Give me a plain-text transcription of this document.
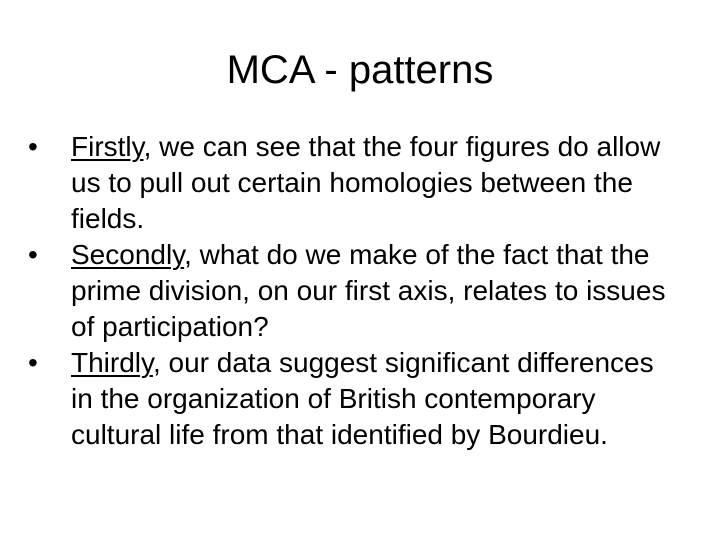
MCA - patterns
•	Firstly, we can see that the four figures do allow us to pull out certain homologies between the fields.
•	Secondly, what do we make of the fact that the prime division, on our first axis, relates to issues of participation?
•	Thirdly, our data suggest significant differences in the organization of British contemporary cultural life from that identified by Bourdieu.
